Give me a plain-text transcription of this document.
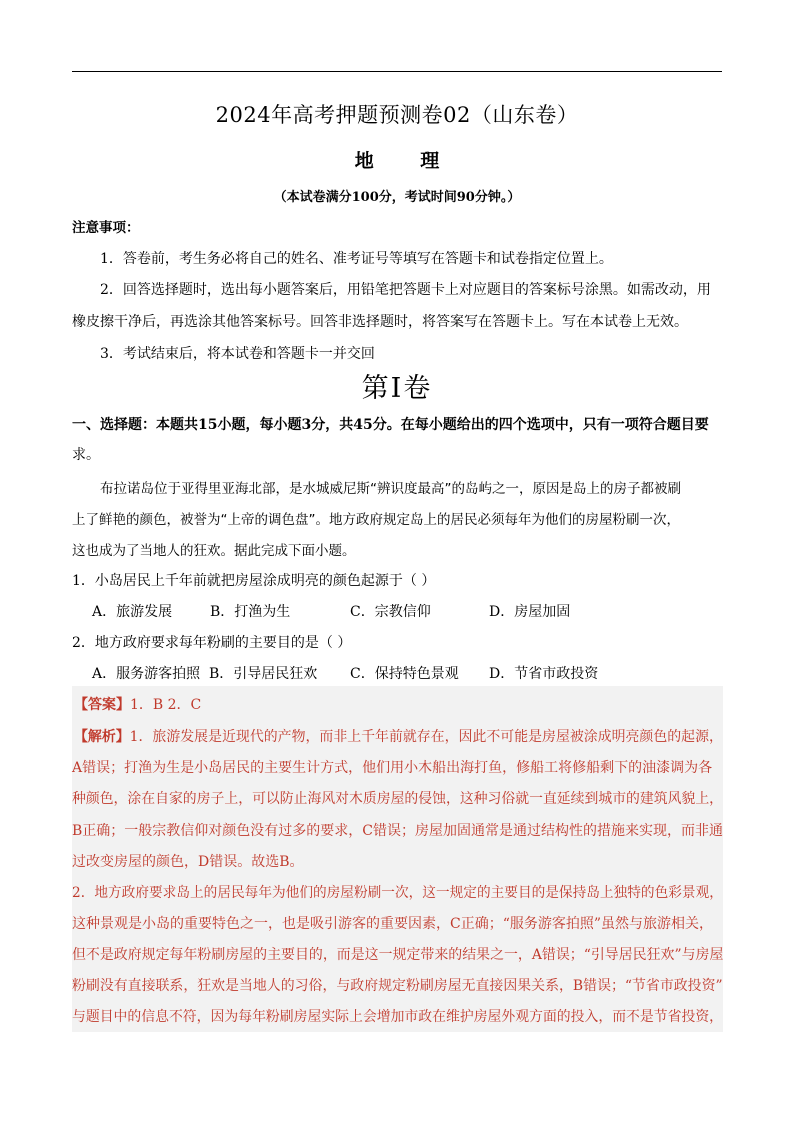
2024年高考押题预测卷02（山东卷）
地 理
（本试卷满分100分，考试时间90分钟。）
注意事项：
1．答卷前，考生务必将自己的姓名、准考证号等填写在答题卡和试卷指定位置上。
2．回答选择题时，选出每小题答案后，用铅笔把答题卡上对应题目的答案标号涂黑。如需改动，用
橡皮擦干净后，再选涂其他答案标号。回答非选择题时，将答案写在答题卡上。写在本试卷上无效。
3．考试结束后，将本试卷和答题卡一并交回
第I卷
一、选择题：本题共15小题，每小题3分，共45分。在每小题给出的四个选项中，只有一项符合题目要
求。
布拉诺岛位于亚得里亚海北部，是水城威尼斯“辨识度最高”的岛屿之一，原因是岛上的房子都被刷
上了鲜艳的颜色，被誉为“上帝的调色盘”。地方政府规定岛上的居民必须每年为他们的房屋粉刷一次，
这也成为了当地人的狂欢。据此完成下面小题。
1．小岛居民上千年前就把房屋涂成明亮的颜色起源于（ ）
A．旅游发展	B．打渔为生	C．宗教信仰	D．房屋加固
2．地方政府要求每年粉刷的主要目的是（ ）
A．服务游客拍照 B．引导居民狂欢 C．保持特色景观 D．节省市政投资
【答案】1．B 2．C
【解析】1．旅游发展是近现代的产物，而非上千年前就存在，因此不可能是房屋被涂成明亮颜色的起源，
A错误；打渔为生是小岛居民的主要生计方式，他们用小木船出海打鱼，修船工将修船剩下的油漆调为各
种颜色，涂在自家的房子上，可以防止海风对木质房屋的侵蚀，这种习俗就一直延续到城市的建筑风貌上，
B正确；一般宗教信仰对颜色没有过多的要求，C错误；房屋加固通常是通过结构性的措施来实现，而非通
过改变房屋的颜色，D错误。故选B。
2．地方政府要求岛上的居民每年为他们的房屋粉刷一次，这一规定的主要目的是保持岛上独特的色彩景观，
这种景观是小岛的重要特色之一，也是吸引游客的重要因素，C正确；“服务游客拍照”虽然与旅游相关，
但不是政府规定每年粉刷房屋的主要目的，而是这一规定带来的结果之一，A错误；“引导居民狂欢”与房屋
粉刷没有直接联系，狂欢是当地人的习俗，与政府规定粉刷房屋无直接因果关系，B错误；“节省市政投资”
与题目中的信息不符，因为每年粉刷房屋实际上会增加市政在维护房屋外观方面的投入，而不是节省投资，
